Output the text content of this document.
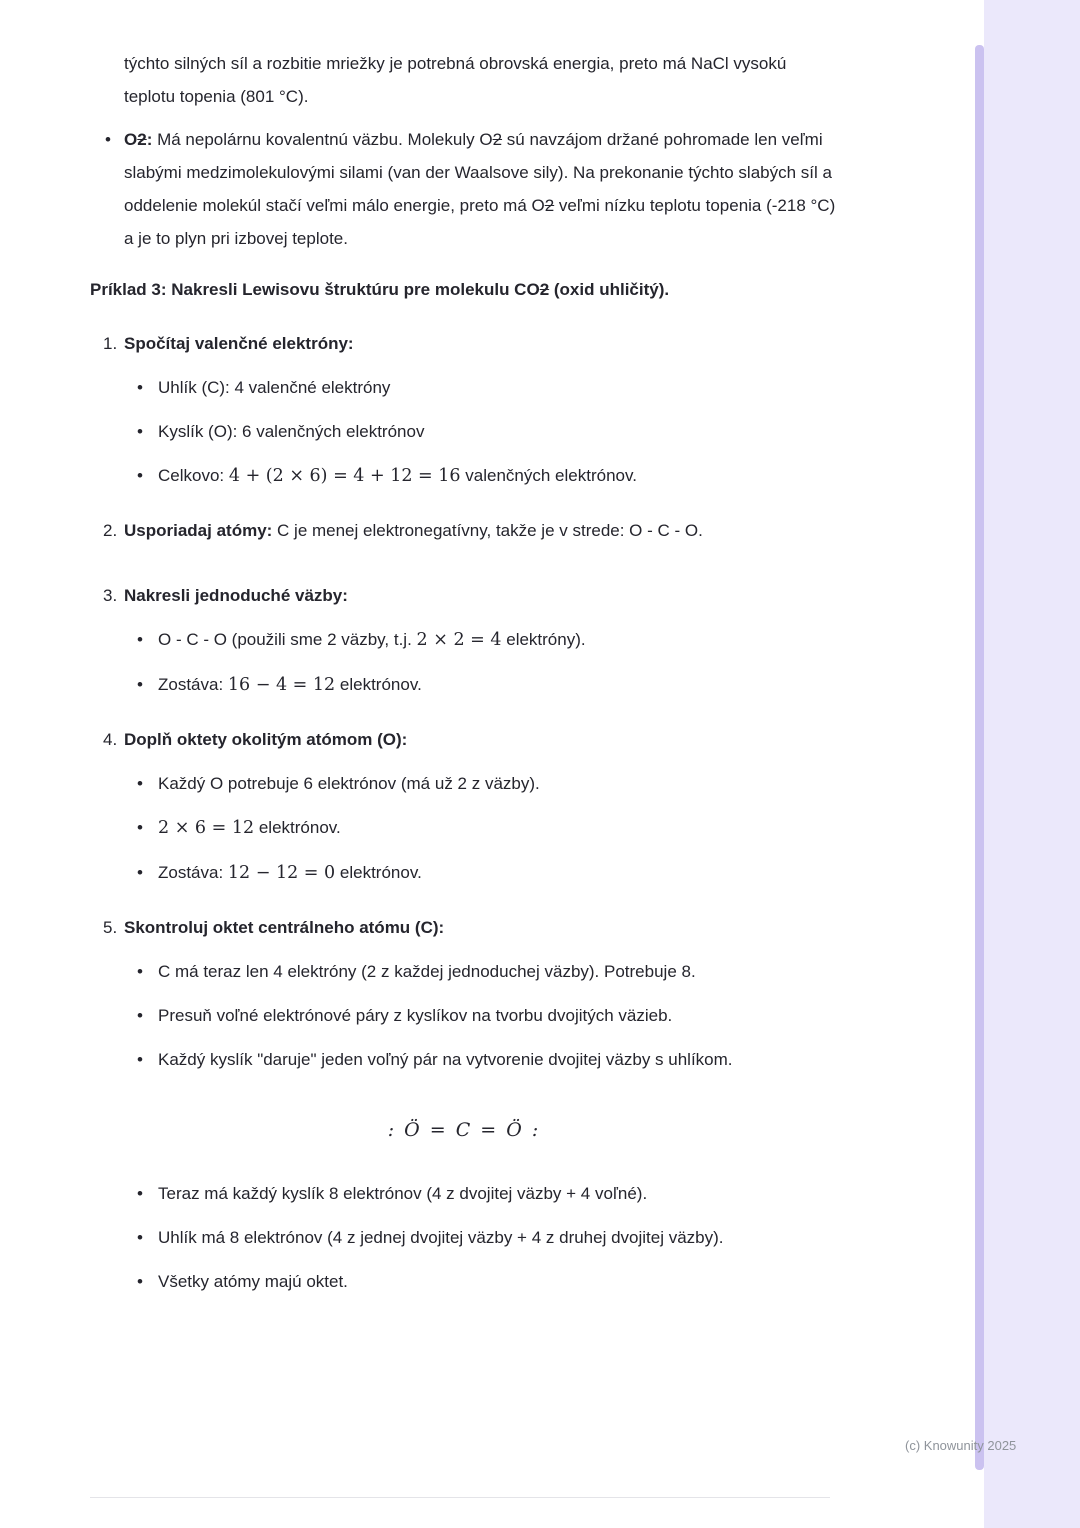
týchto silných síl a rozbitie mriežky je potrebná obrovská energia, preto má NaCl vysokú teplotu topenia (801 °C).

• O2: Má nepolárnu kovalentnú väzbu. Molekuly O2 sú navzájom držané pohromade len veľmi slabými medzimolekulovými silami (van der Waalsove sily). Na prekonanie týchto slabých síl a oddelenie molekúl stačí veľmi málo energie, preto má O2 veľmi nízku teplotu topenia (-218 °C) a je to plyn pri izbovej teplote.
Príklad 3: Nakresli Lewisovu štruktúru pre molekulu CO2 (oxid uhličitý).
1. Spočítaj valenčné elektróny:
• Uhlík (C): 4 valenčné elektróny
• Kyslík (O): 6 valenčných elektrónov
• Celkovo: 4 + (2 × 6) = 4 + 12 = 16 valenčných elektrónov.
2. Usporiadaj atómy: C je menej elektronegatívny, takže je v strede: O - C - O.
3. Nakresli jednoduché väzby:
• O - C - O (použili sme 2 väzby, t.j. 2 × 2 = 4 elektróny).
• Zostáva: 16 − 4 = 12 elektrónov.
4. Doplň oktety okolitým atómom (O):
• Každý O potrebuje 6 elektrónov (má už 2 z väzby).
• 2 × 6 = 12 elektrónov.
• Zostáva: 12 − 12 = 0 elektrónov.
5. Skontroluj oktet centrálneho atómu (C):
• C má teraz len 4 elektróny (2 z každej jednoduchej väzby). Potrebuje 8.
• Presuň voľné elektrónové páry z kyslíkov na tvorbu dvojitých väzieb.
• Každý kyslík "daruje" jeden voľný pár na vytvorenie dvojitej väzby s uhlíkom.
: Ö = C = Ö :
• Teraz má každý kyslík 8 elektrónov (4 z dvojitej väzby + 4 voľné).
• Uhlík má 8 elektrónov (4 z jednej dvojitej väzby + 4 z druhej dvojitej väzby).
• Všetky atómy majú oktet.
(c) Knowunity 2025
